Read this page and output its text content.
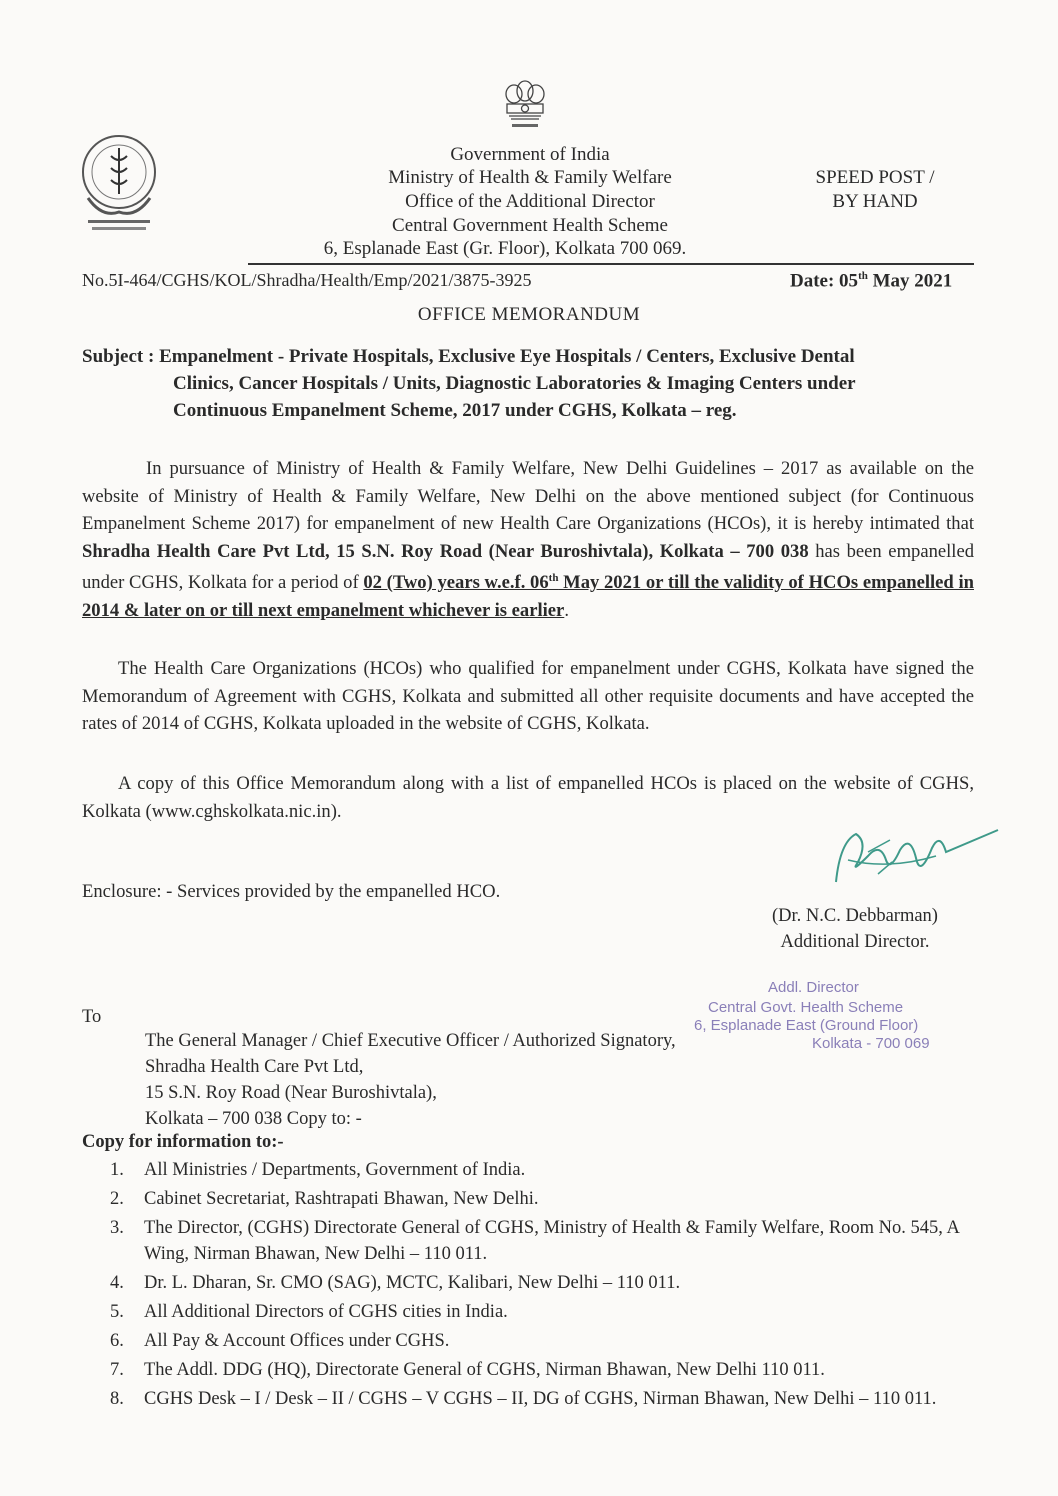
Government of India
Ministry of Health & Family Welfare
Office of the Additional Director
Central Government Health Scheme
6, Esplanade East (Gr. Floor), Kolkata 700 069.
SPEED POST /
BY HAND
No.5I-464/CGHS/KOL/Shradha/Health/Emp/2021/3875-3925	Date: 05th May 2021
OFFICE MEMORANDUM
Subject : Empanelment - Private Hospitals, Exclusive Eye Hospitals / Centers, Exclusive Dental
Clinics, Cancer Hospitals / Units, Diagnostic Laboratories & Imaging Centers under
Continuous Empanelment Scheme, 2017 under CGHS, Kolkata – reg.
In pursuance of Ministry of Health & Family Welfare, New Delhi Guidelines – 2017 as available on the website of Ministry of Health & Family Welfare, New Delhi on the above mentioned subject (for Continuous Empanelment Scheme 2017) for empanelment of new Health Care Organizations (HCOs), it is hereby intimated that Shradha Health Care Pvt Ltd, 15 S.N. Roy Road (Near Buroshivtala), Kolkata – 700 038 has been empanelled under CGHS, Kolkata for a period of 02 (Two) years w.e.f. 06th May 2021 or till the validity of HCOs empanelled in 2014 & later on or till next empanelment whichever is earlier.
The Health Care Organizations (HCOs) who qualified for empanelment under CGHS, Kolkata have signed the Memorandum of Agreement with CGHS, Kolkata and submitted all other requisite documents and have accepted the rates of 2014 of CGHS, Kolkata uploaded in the website of CGHS, Kolkata.
A copy of this Office Memorandum along with a list of empanelled HCOs is placed on the website of CGHS, Kolkata (www.cghskolkata.nic.in).
Enclosure: - Services provided by the empanelled HCO.
(Dr. N.C. Debbarman)
Additional Director.
Addl. Director
Central Govt. Health Scheme
6, Esplanade East (Ground Floor)
Kolkata - 700 069
To
The General Manager / Chief Executive Officer / Authorized Signatory,
Shradha Health Care Pvt Ltd,
15 S.N. Roy Road (Near Buroshivtala),
Kolkata – 700 038 Copy to: -
Copy for information to:-
1. All Ministries / Departments, Government of India.
2. Cabinet Secretariat, Rashtrapati Bhawan, New Delhi.
3. The Director, (CGHS) Directorate General of CGHS, Ministry of Health & Family Welfare, Room No. 545, A Wing, Nirman Bhawan, New Delhi – 110 011.
4. Dr. L. Dharan, Sr. CMO (SAG), MCTC, Kalibari, New Delhi – 110 011.
5. All Additional Directors of CGHS cities in India.
6. All Pay & Account Offices under CGHS.
7. The Addl. DDG (HQ), Directorate General of CGHS, Nirman Bhawan, New Delhi 110 011.
8. CGHS Desk – I / Desk – II / CGHS – V CGHS – II, DG of CGHS, Nirman Bhawan, New Delhi – 110 011.
